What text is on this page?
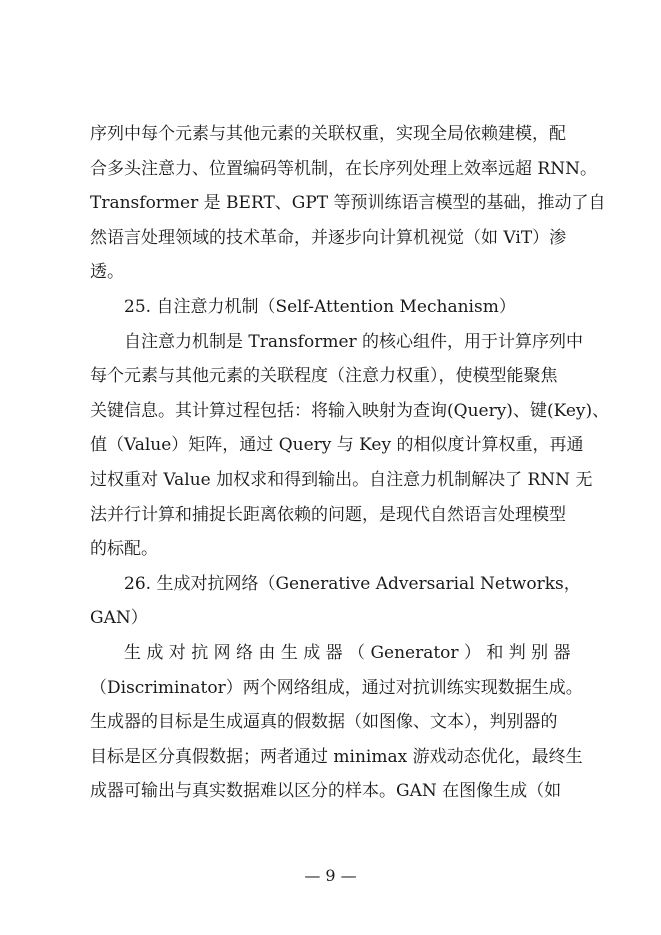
序列中每个元素与其他元素的关联权重，实现全局依赖建模，配
合多头注意力、位置编码等机制，在长序列处理上效率远超 RNN。
Transformer 是 BERT、GPT 等预训练语言模型的基础，推动了自
然语言处理领域的技术革命，并逐步向计算机视觉（如 ViT）渗
透。
25. 自注意力机制（Self-Attention Mechanism）
　　自注意力机制是 Transformer 的核心组件，用于计算序列中
每个元素与其他元素的关联程度（注意力权重），使模型能聚焦
关键信息。其计算过程包括：将输入映射为查询(Query)、键(Key)、
值（Value）矩阵，通过 Query 与 Key 的相似度计算权重，再通
过权重对 Value 加权求和得到输出。自注意力机制解决了 RNN 无
法并行计算和捕捉长距离依赖的问题，是现代自然语言处理模型
的标配。
26. 生成对抗网络（Generative Adversarial Networks，
GAN）
　　生 成 对 抗 网 络 由 生 成 器 （ Generator ） 和 判 别 器
（Discriminator）两个网络组成，通过对抗训练实现数据生成。
生成器的目标是生成逼真的假数据（如图像、文本），判别器的
目标是区分真假数据；两者通过 minimax 游戏动态优化，最终生
成器可输出与真实数据难以区分的样本。GAN 在图像生成（如
— 9 —
